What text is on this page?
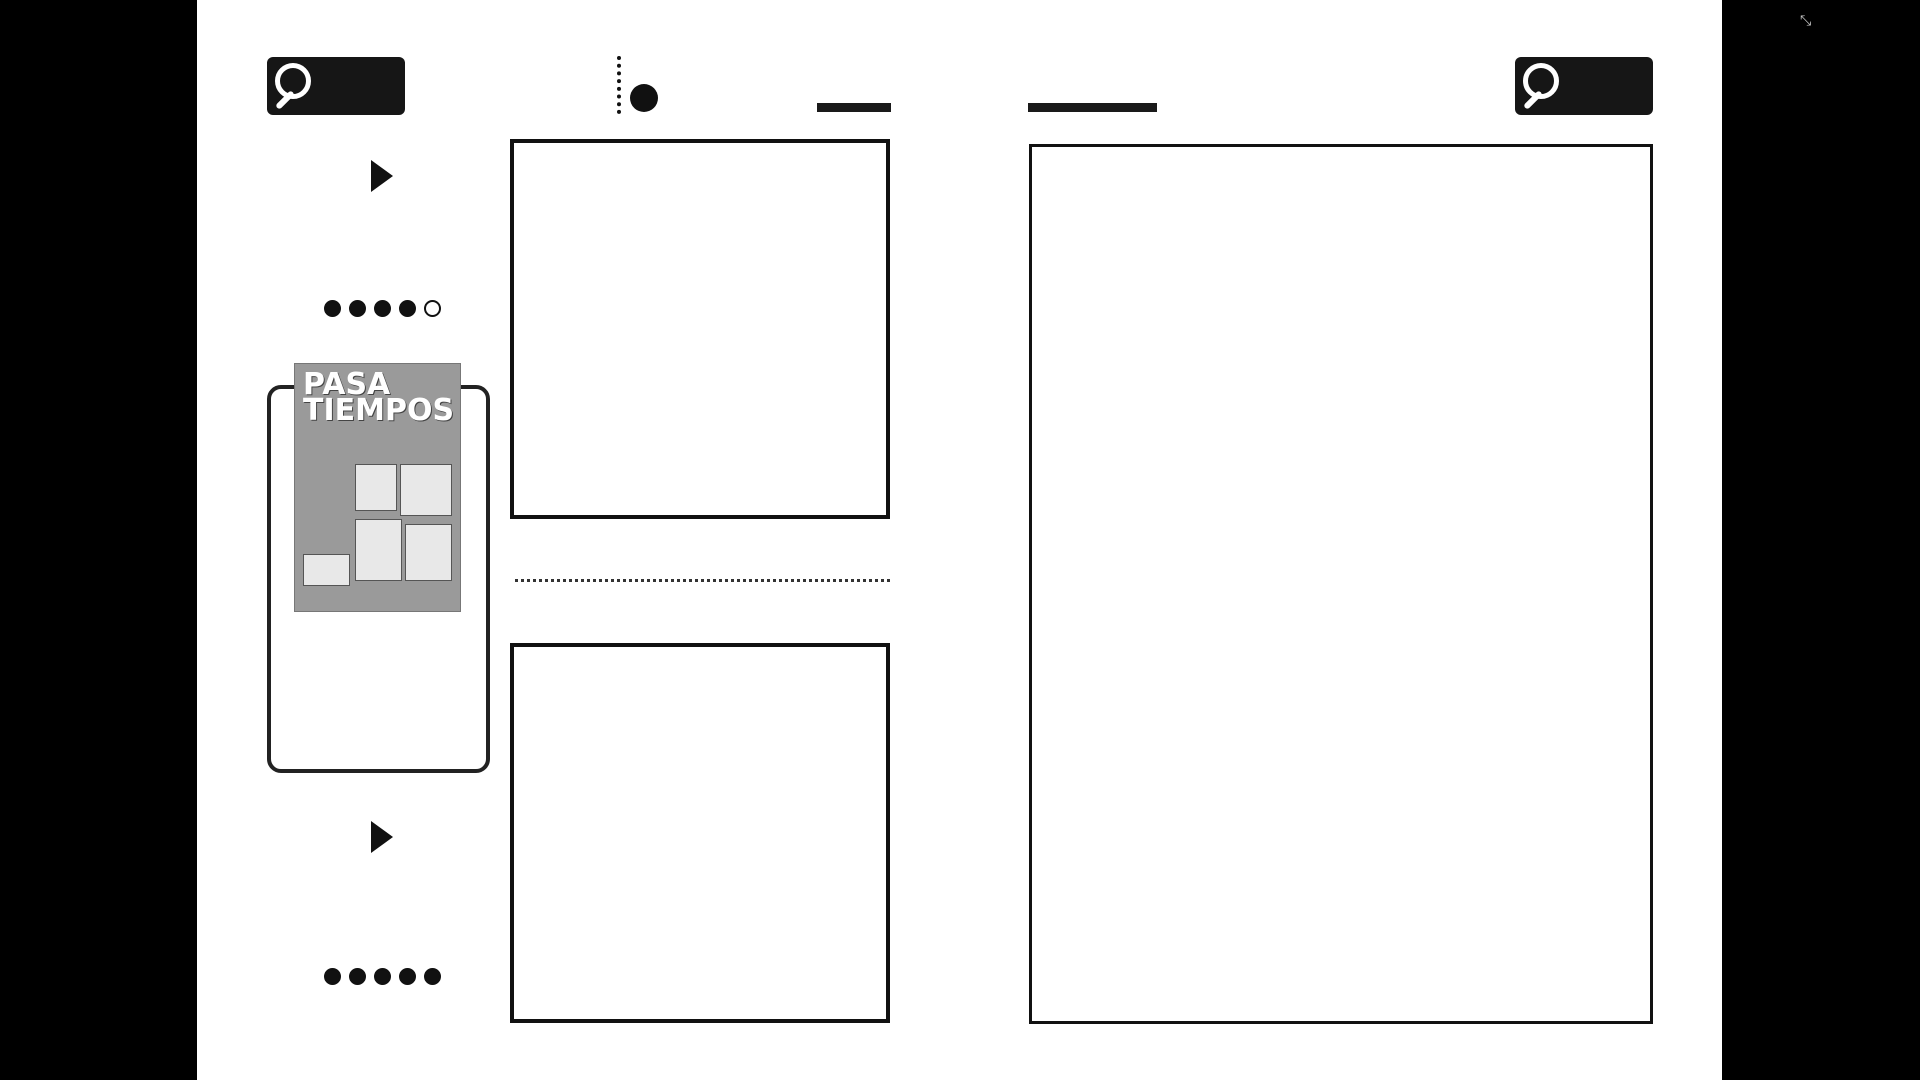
PASA
TIEMPOS
⤡
